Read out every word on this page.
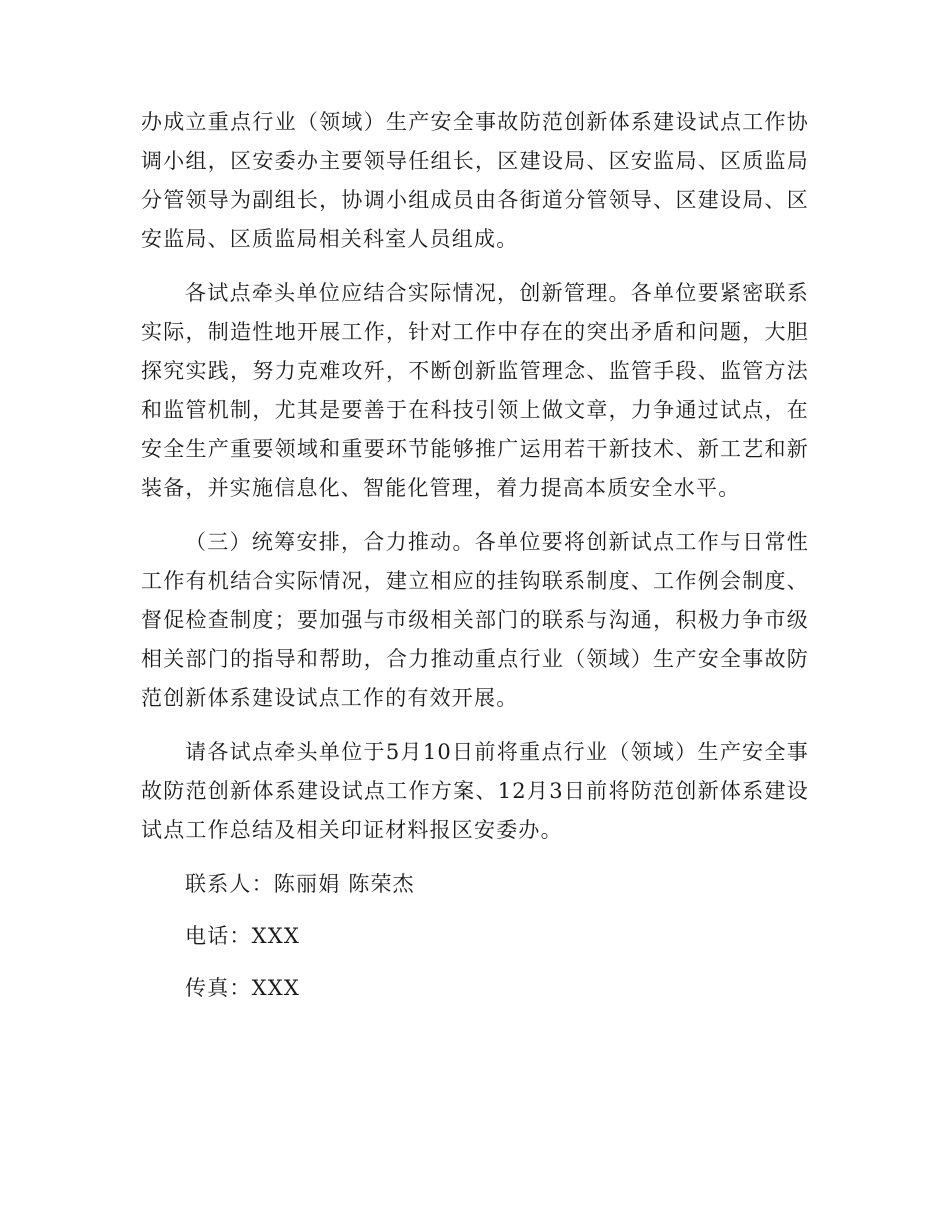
办成立重点行业（领域）生产安全事故防范创新体系建设试点工作协调小组，区安委办主要领导任组长，区建设局、区安监局、区质监局分管领导为副组长，协调小组成员由各街道分管领导、区建设局、区安监局、区质监局相关科室人员组成。

各试点牵头单位应结合实际情况，创新管理。各单位要紧密联系实际，制造性地开展工作，针对工作中存在的突出矛盾和问题，大胆探究实践，努力克难攻歼，不断创新监管理念、监管手段、监管方法和监管机制，尤其是要善于在科技引领上做文章，力争通过试点，在安全生产重要领域和重要环节能够推广运用若干新技术、新工艺和新装备，并实施信息化、智能化管理，着力提高本质安全水平。

（三）统筹安排，合力推动。各单位要将创新试点工作与日常性工作有机结合实际情况，建立相应的挂钩联系制度、工作例会制度、督促检查制度；要加强与市级相关部门的联系与沟通，积极力争市级相关部门的指导和帮助，合力推动重点行业（领域）生产安全事故防范创新体系建设试点工作的有效开展。

请各试点牵头单位于5月10日前将重点行业（领域）生产安全事故防范创新体系建设试点工作方案、12月3日前将防范创新体系建设试点工作总结及相关印证材料报区安委办。

联系人：陈丽娟 陈荣杰

电话：XXX

传真：XXX
